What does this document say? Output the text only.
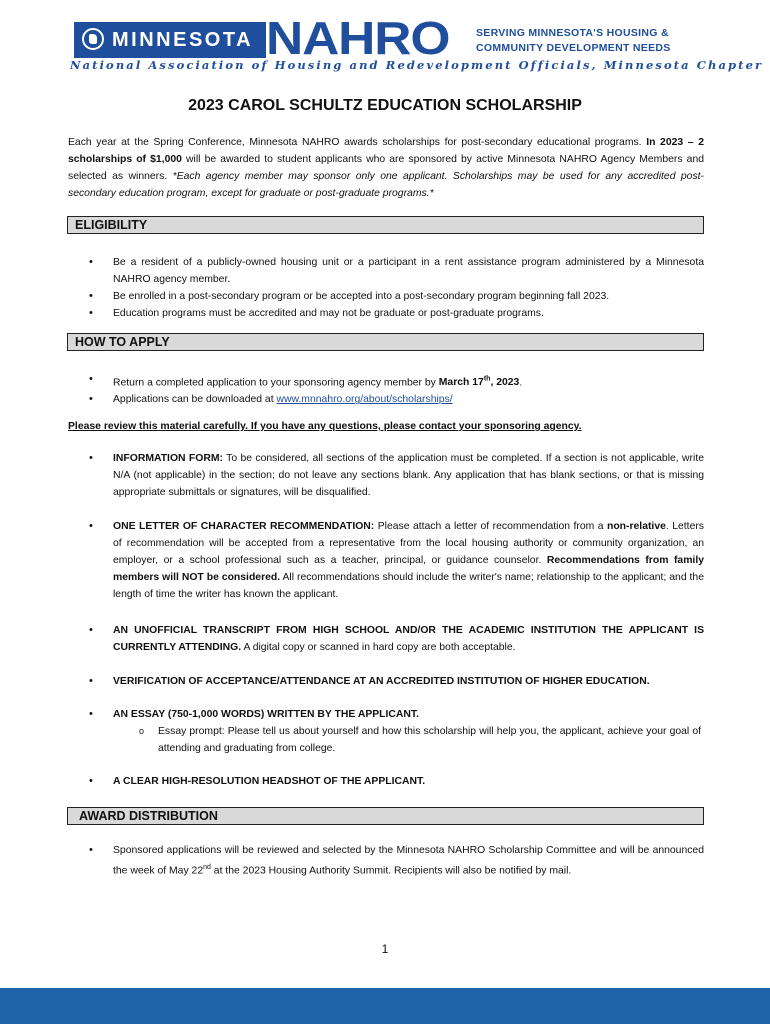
MINNESOTA NAHRO	SERVING MINNESOTA'S HOUSING &
COMMUNITY DEVELOPMENT NEEDS
National Association of Housing and Redevelopment Officials, Minnesota Chapter
2023 CAROL SCHULTZ EDUCATION SCHOLARSHIP
Each year at the Spring Conference, Minnesota NAHRO awards scholarships for post-secondary educational programs. In 2023 – 2 scholarships of $1,000 will be awarded to student applicants who are sponsored by active Minnesota NAHRO Agency Members and selected as winners. *Each agency member may sponsor only one applicant. Scholarships may be used for any accredited post-secondary education program, except for graduate or post-graduate programs.*
ELIGIBILITY
• Be a resident of a publicly-owned housing unit or a participant in a rent assistance program administered by a Minnesota NAHRO agency member.
• Be enrolled in a post-secondary program or be accepted into a post-secondary program beginning fall 2023.
• Education programs must be accredited and may not be graduate or post-graduate programs.
HOW TO APPLY
• Return a completed application to your sponsoring agency member by March 17th, 2023.
• Applications can be downloaded at www.mnnahro.org/about/scholarships/
Please review this material carefully. If you have any questions, please contact your sponsoring agency.
• INFORMATION FORM: To be considered, all sections of the application must be completed. If a section is not applicable, write N/A (not applicable) in the section; do not leave any sections blank. Any application that has blank sections, or that is missing appropriate submittals or signatures, will be disqualified.
• ONE LETTER OF CHARACTER RECOMMENDATION: Please attach a letter of recommendation from a non-relative. Letters of recommendation will be accepted from a representative from the local housing authority or community organization, an employer, or a school professional such as a teacher, principal, or guidance counselor. Recommendations from family members will NOT be considered. All recommendations should include the writer's name; relationship to the applicant; and the length of time the writer has known the applicant.
• AN UNOFFICIAL TRANSCRIPT FROM HIGH SCHOOL AND/OR THE ACADEMIC INSTITUTION THE APPLICANT IS CURRENTLY ATTENDING. A digital copy or scanned in hard copy are both acceptable.
• VERIFICATION OF ACCEPTANCE/ATTENDANCE AT AN ACCREDITED INSTITUTION OF HIGHER EDUCATION.
• AN ESSAY (750-1,000 WORDS) WRITTEN BY THE APPLICANT.
o Essay prompt: Please tell us about yourself and how this scholarship will help you, the applicant, achieve your goal of attending and graduating from college.
• A CLEAR HIGH-RESOLUTION HEADSHOT OF THE APPLICANT.
AWARD DISTRIBUTION
• Sponsored applications will be reviewed and selected by the Minnesota NAHRO Scholarship Committee and will be announced the week of May 22nd at the 2023 Housing Authority Summit. Recipients will also be notified by mail.
1
